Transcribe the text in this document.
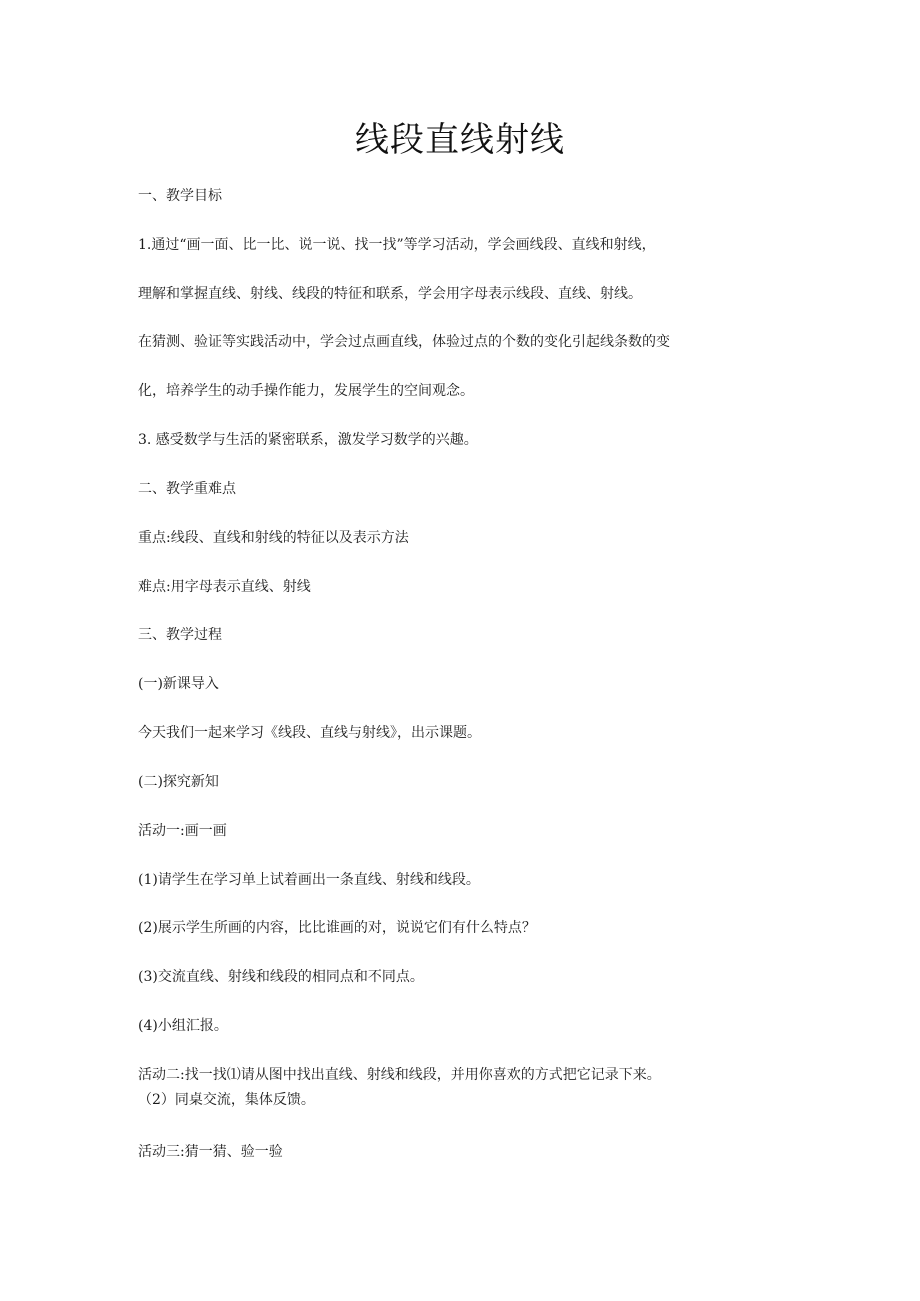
线段直线射线
一、教学目标
1.通过“画一面、比一比、说一说、找一找”等学习活动，学会画线段、直线和射线，
理解和掌握直线、射线、线段的特征和联系，学会用字母表示线段、直线、射线。
在猜测、验证等实践活动中，学会过点画直线，体验过点的个数的变化引起线条数的变
化，培养学生的动手操作能力，发展学生的空间观念。
3. 感受数学与生活的紧密联系，激发学习数学的兴趣。
二、教学重难点
重点:线段、直线和射线的特征以及表示方法
难点:用字母表示直线、射线
三、教学过程
(一)新课导入
今天我们一起来学习《线段、直线与射线》，出示课题。
(二)探究新知
活动一:画一画
(1)请学生在学习单上试着画出一条直线、射线和线段。
(2)展示学生所画的内容，比比谁画的对，说说它们有什么特点？
(3)交流直线、射线和线段的相同点和不同点。
(4)小组汇报。
活动二:找一找⑴请从图中找出直线、射线和线段，并用你喜欢的方式把它记录下来。
（2）同桌交流，集体反馈。
活动三:猜一猜、验一验
